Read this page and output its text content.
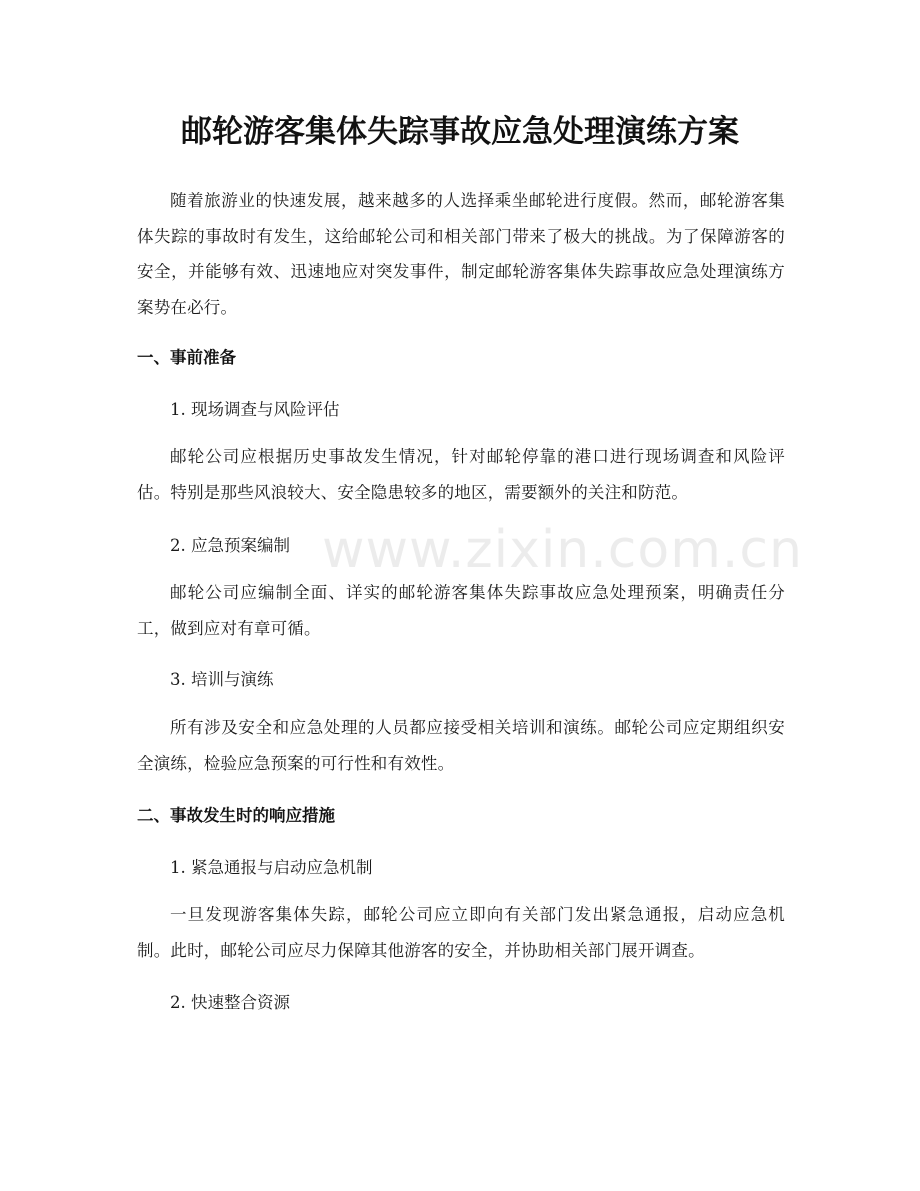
www.zixin.com.cn
邮轮游客集体失踪事故应急处理演练方案

随着旅游业的快速发展，越来越多的人选择乘坐邮轮进行度假。然而，邮轮游客集体失踪的事故时有发生，这给邮轮公司和相关部门带来了极大的挑战。为了保障游客的安全，并能够有效、迅速地应对突发事件，制定邮轮游客集体失踪事故应急处理演练方案势在必行。

一、事前准备

1. 现场调查与风险评估

邮轮公司应根据历史事故发生情况，针对邮轮停靠的港口进行现场调查和风险评估。特别是那些风浪较大、安全隐患较多的地区，需要额外的关注和防范。

2. 应急预案编制

邮轮公司应编制全面、详实的邮轮游客集体失踪事故应急处理预案，明确责任分工，做到应对有章可循。

3. 培训与演练

所有涉及安全和应急处理的人员都应接受相关培训和演练。邮轮公司应定期组织安全演练，检验应急预案的可行性和有效性。

二、事故发生时的响应措施

1. 紧急通报与启动应急机制

一旦发现游客集体失踪，邮轮公司应立即向有关部门发出紧急通报，启动应急机制。此时，邮轮公司应尽力保障其他游客的安全，并协助相关部门展开调查。

2. 快速整合资源
